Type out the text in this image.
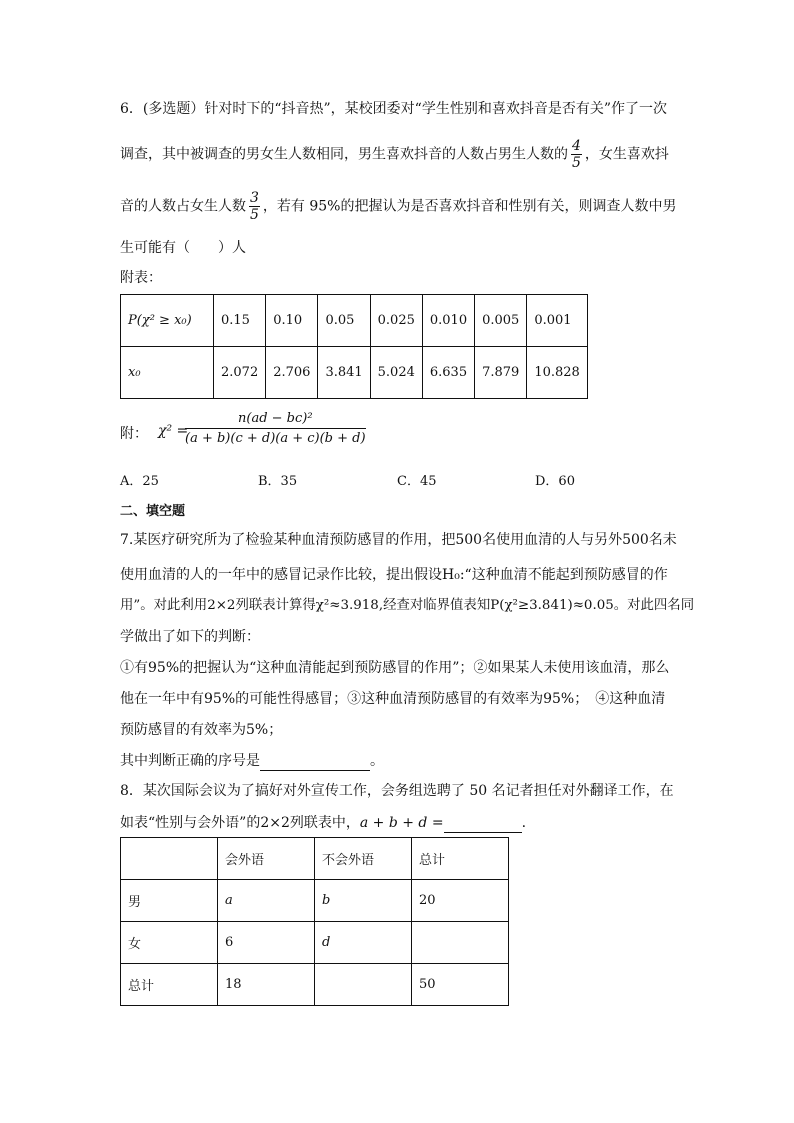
6．(多选题）针对时下的“抖音热”，某校团委对“学生性别和喜欢抖音是否有关”作了一次
调查，其中被调查的男女生人数相同，男生喜欢抖音的人数占男生人数的 $\frac{4}{5}$ ，女生喜欢抖
音的人数占女生人数 $\frac{3}{5}$ ，若有 95%的把握认为是否喜欢抖音和性别有关，则调查人数中男
生可能有（　　）人
附表：
P(χ² ≥ x₀)	0.15	0.10	0.05	0.025	0.010	0.005	0.001
x₀	2.072	2.706	3.841	5.024	6.635	7.879	10.828
附： χ² =
$\frac{\text{n(ad − bc)²}}{(a + b)(c + d)(a + c)(b + d)}$
A．25	B．35	C．45	D．60
二、填空题
7.某医疗研究所为了检验某种血清预防感冒的作用，把500名使用血清的人与另外500名未
使用血清的人的一年中的感冒记录作比较，提出假设H₀:“这种血清不能起到预防感冒的作
用”。对此利用2×2列联表计算得χ²≈3.918,经查对临界值表知P(χ²≥3.841)≈0.05。对此四名同
学做出了如下的判断：
①有95%的把握认为“这种血清能起到预防感冒的作用”；②如果某人未使用该血清，那么
他在一年中有95%的可能性得感冒；③这种血清预防感冒的有效率为95%；　④这种血清
预防感冒的有效率为5%；
其中判断正确的序号是	。
8．某次国际会议为了搞好对外宣传工作，会务组选聘了 50 名记者担任对外翻译工作，在
如表“性别与会外语”的2×2列联表中，a + b + d =	.
	会外语	不会外语	总计
男	a	b	20
女	6	d	
总计	18		50
